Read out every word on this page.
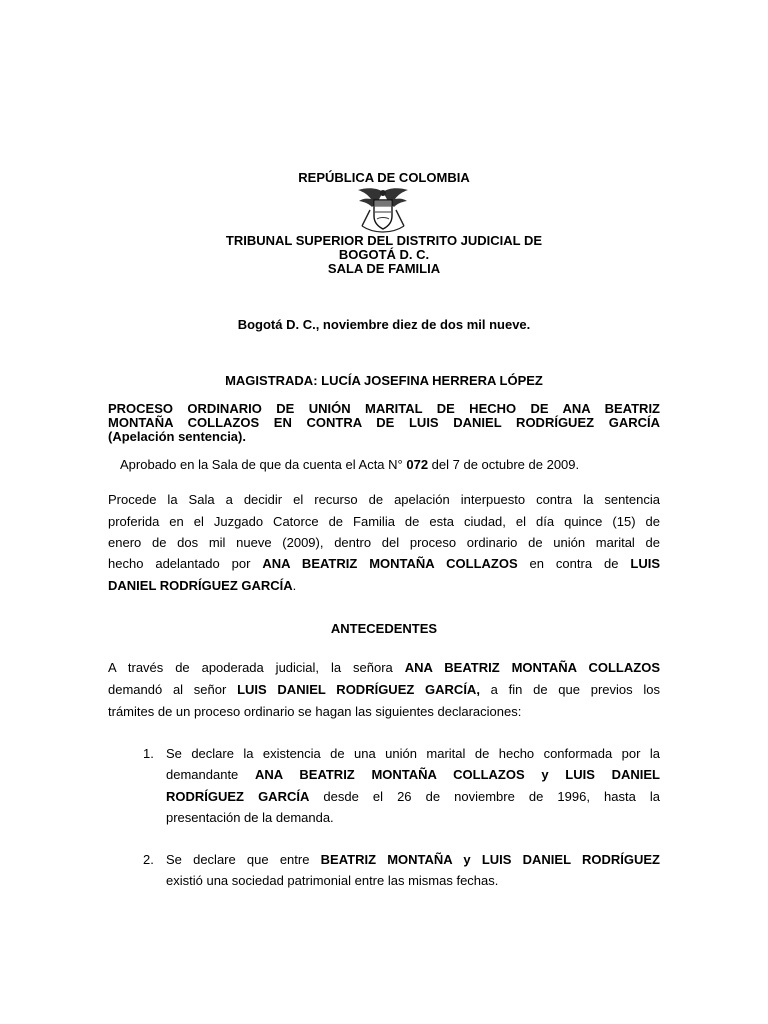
REPÚBLICA DE COLOMBIA
TRIBUNAL SUPERIOR DEL DISTRITO JUDICIAL DE
BOGOTÁ D. C.
SALA DE FAMILIA
Bogotá D. C., noviembre diez de dos mil nueve.
MAGISTRADA: LUCÍA JOSEFINA HERRERA LÓPEZ
PROCESO ORDINARIO DE UNIÓN MARITAL DE HECHO DE ANA BEATRIZ
MONTAÑA COLLAZOS EN CONTRA DE LUIS DANIEL RODRÍGUEZ GARCÍA
(Apelación sentencia).
Aprobado en la Sala de que da cuenta el Acta N° 072 del 7 de octubre de 2009.
Procede la Sala a decidir el recurso de apelación interpuesto contra la sentencia
proferida en el Juzgado Catorce de Familia de esta ciudad, el día quince (15) de
enero de dos mil nueve (2009), dentro del proceso ordinario de unión marital de
hecho adelantado por ANA BEATRIZ MONTAÑA COLLAZOS en contra de LUIS
DANIEL RODRÍGUEZ GARCÍA.
ANTECEDENTES
A través de apoderada judicial, la señora ANA BEATRIZ MONTAÑA COLLAZOS
demandó al señor LUIS DANIEL RODRÍGUEZ GARCÍA, a fin de que previos los
trámites de un proceso ordinario se hagan las siguientes declaraciones:
1. Se declare la existencia de una unión marital de hecho conformada por la
demandante ANA BEATRIZ MONTAÑA COLLAZOS y LUIS DANIEL
RODRÍGUEZ GARCÍA desde el 26 de noviembre de 1996, hasta la
presentación de la demanda.
2. Se declare que entre BEATRIZ MONTAÑA y LUIS DANIEL RODRÍGUEZ
existió una sociedad patrimonial entre las mismas fechas.
